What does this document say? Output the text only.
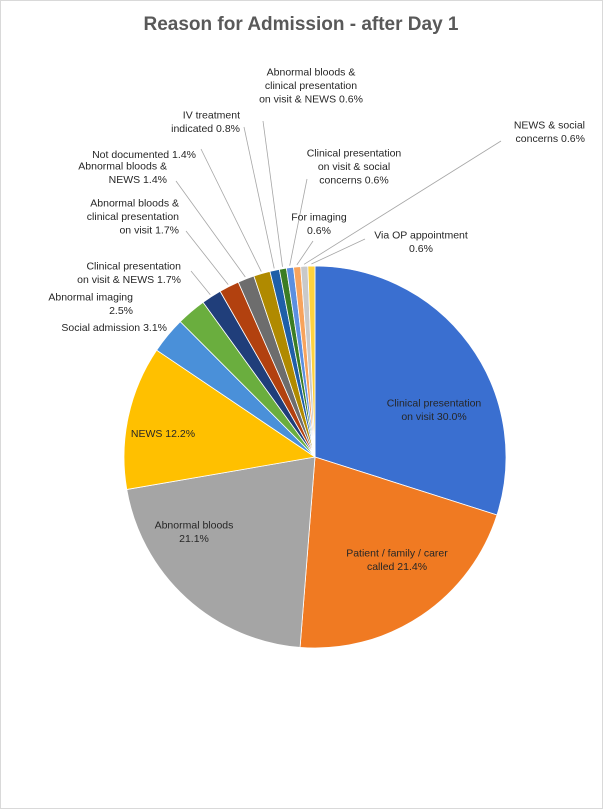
Reason for Admission - after Day 1
Clinical presentation on visit 30.0%
Patient / family / carer called 21.4%
Abnormal bloods 21.1%
NEWS 12.2%
Social admission 3.1%
Abnormal imaging 2.5%
Clinical presentation on visit & NEWS 1.7%
Abnormal bloods & clinical presentation on visit 1.7%
Abnormal bloods & NEWS 1.4%
Not documented 1.4%
IV treatment indicated 0.8%
Abnormal bloods & clinical presentation on visit & NEWS 0.6%
Clinical presentation on visit & social concerns 0.6%
For imaging 0.6%
NEWS & social concerns 0.6%
Via OP appointment 0.6%
